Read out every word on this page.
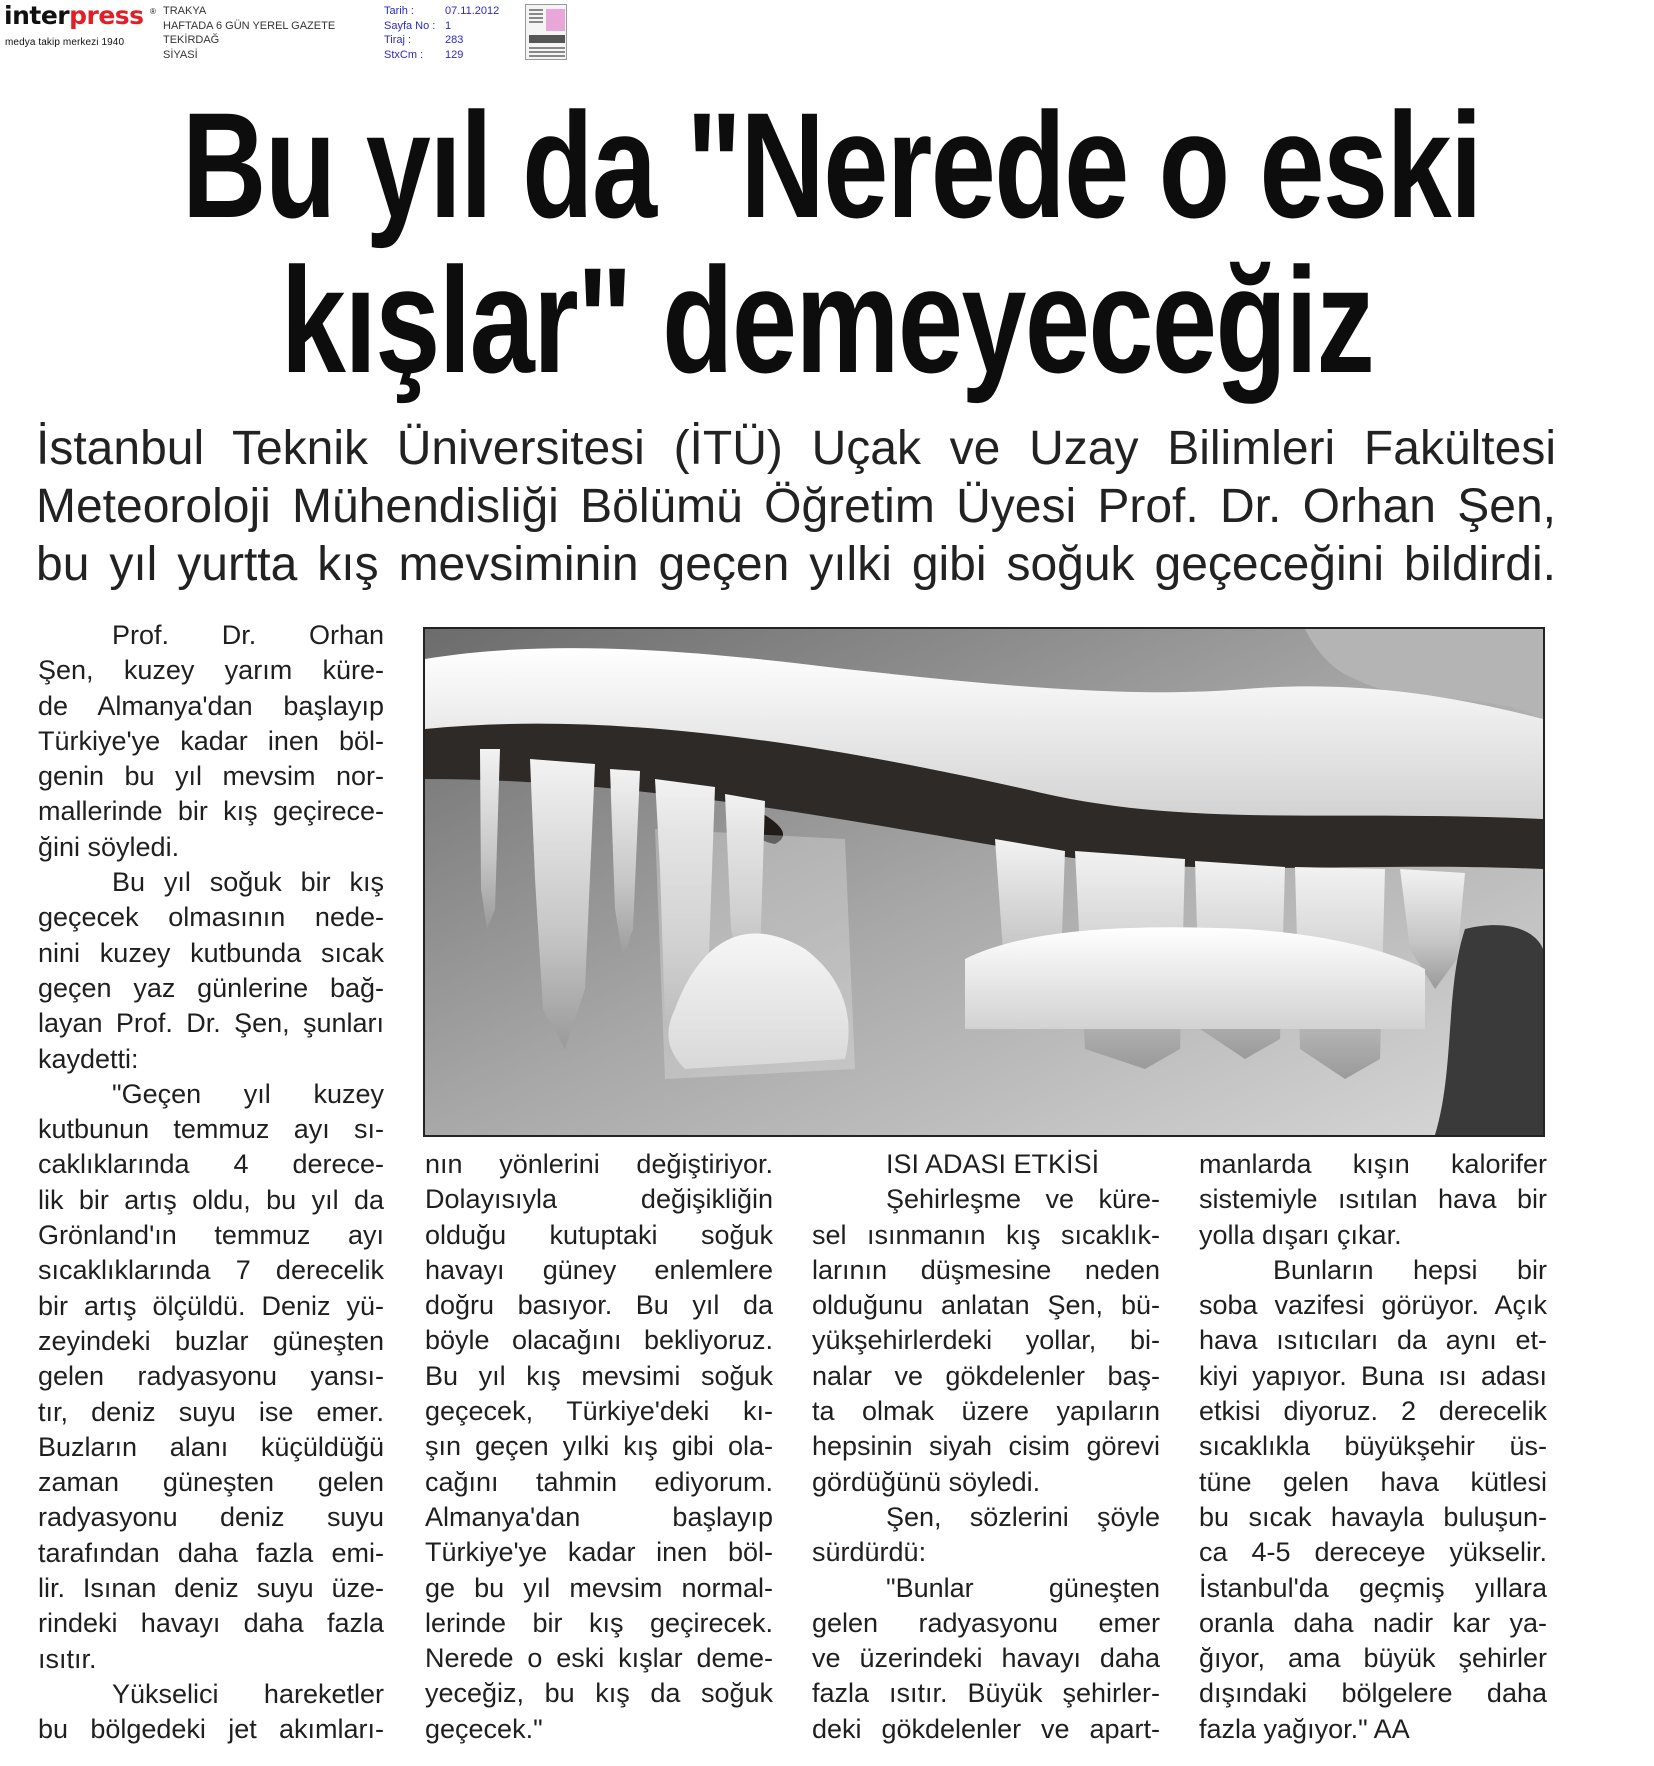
interpress ®
medya takip merkezi 1940
TRAKYA
HAFTADA 6 GÜN YEREL GAZETE
TEKİRDAĞ
SİYASİ
Tarih :
Sayfa No :
Tiraj :
StxCm :
07.11.2012
1
283
129
Bu yıl da "Nerede o eski
kışlar" demeyeceğiz
İstanbul Teknik Üniversitesi (İTÜ) Uçak ve Uzay Bilimleri Fakültesi
Meteoroloji Mühendisliği Bölümü Öğretim Üyesi Prof. Dr. Orhan Şen,
bu yıl yurtta kış mevsiminin geçen yılki gibi soğuk geçeceğini bildirdi.
Prof. Dr. Orhan
Şen, kuzey yarım küre-
de Almanya'dan başlayıp
Türkiye'ye kadar inen böl-
genin bu yıl mevsim nor-
mallerinde bir kış geçirece-
ğini söyledi.
Bu yıl soğuk bir kış
geçecek olmasının nede-
nini kuzey kutbunda sıcak
geçen yaz günlerine bağ-
layan Prof. Dr. Şen, şunları
kaydetti:
"Geçen yıl kuzey
kutbunun temmuz ayı sı-
caklıklarında 4 derece-
lik bir artış oldu, bu yıl da
Grönland'ın temmuz ayı
sıcaklıklarında 7 derecelik
bir artış ölçüldü. Deniz yü-
zeyindeki buzlar güneşten
gelen radyasyonu yansı-
tır, deniz suyu ise emer.
Buzların alanı küçüldüğü
zaman güneşten gelen
radyasyonu deniz suyu
tarafından daha fazla emi-
lir. Isınan deniz suyu üze-
rindeki havayı daha fazla
ısıtır.
Yükselici hareketler
bu bölgedeki jet akımları-
nın yönlerini değiştiriyor.
Dolayısıyla değişikliğin
olduğu kutuptaki soğuk
havayı güney enlemlere
doğru basıyor. Bu yıl da
böyle olacağını bekliyoruz.
Bu yıl kış mevsimi soğuk
geçecek, Türkiye'deki kı-
şın geçen yılki kış gibi ola-
cağını tahmin ediyorum.
Almanya'dan başlayıp
Türkiye'ye kadar inen böl-
ge bu yıl mevsim normal-
lerinde bir kış geçirecek.
Nerede o eski kışlar deme-
yeceğiz, bu kış da soğuk
geçecek."
ISI ADASI ETKİSİ
Şehirleşme ve küre-
sel ısınmanın kış sıcaklık-
larının düşmesine neden
olduğunu anlatan Şen, bü-
yükşehirlerdeki yollar, bi-
nalar ve gökdelenler baş-
ta olmak üzere yapıların
hepsinin siyah cisim görevi
gördüğünü söyledi.
Şen, sözlerini şöyle
sürdürdü:
"Bunlar güneşten
gelen radyasyonu emer
ve üzerindeki havayı daha
fazla ısıtır. Büyük şehirler-
deki gökdelenler ve apart-
manlarda kışın kalorifer
sistemiyle ısıtılan hava bir
yolla dışarı çıkar.
Bunların hepsi bir
soba vazifesi görüyor. Açık
hava ısıtıcıları da aynı et-
kiyi yapıyor. Buna ısı adası
etkisi diyoruz. 2 derecelik
sıcaklıkla büyükşehir üs-
tüne gelen hava kütlesi
bu sıcak havayla buluşun-
ca 4-5 dereceye yükselir.
İstanbul'da geçmiş yıllara
oranla daha nadir kar ya-
ğıyor, ama büyük şehirler
dışındaki bölgelere daha
fazla yağıyor." AA
